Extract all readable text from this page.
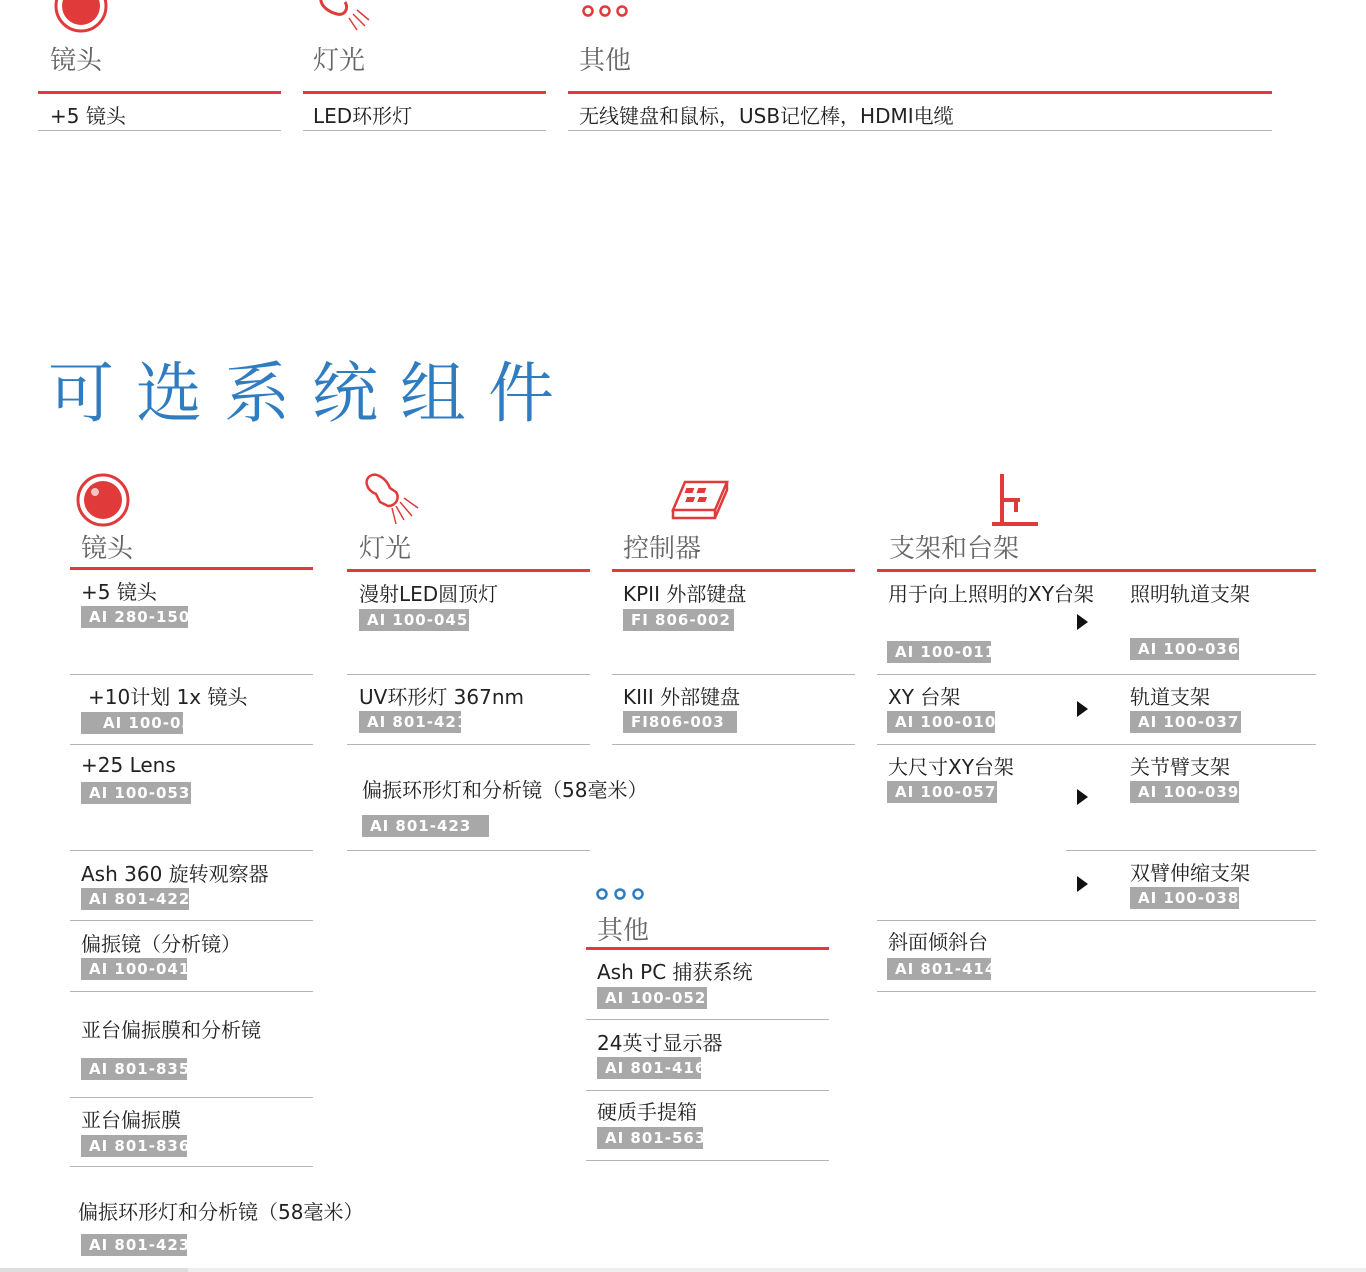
镜头
+5 镜头
灯光
LED环形灯
其他
无线键盘和鼠标，USB记忆棒，HDMI电缆
可选系统组件
镜头
+5 镜头
AI 280-150
+10计划 1x 镜头
AI 100-05
+25 Lens
AI 100-053
Ash 360 旋转观察器
AI 801-422
偏振镜（分析镜）
AI 100-041
亚台偏振膜和分析镜
AI 801-835
亚台偏振膜
AI 801-836
偏振环形灯和分析镜（58毫米）
AI 801-423
灯光
漫射LED圆顶灯
AI 100-045
UV环形灯 367nm
AI 801-421
偏振环形灯和分析镜（58毫米）
AI 801-423
控制器
KPII 外部键盘
FI 806-002
KIII 外部键盘
FI806-003
其他
Ash PC 捕获系统
AI 100-052
24英寸显示器
AI 801-416
硬质手提箱
AI 801-563
支架和台架
用于向上照明的XY台架
AI 100-011
XY 台架
AI 100-010
大尺寸XY台架
AI 100-057
斜面倾斜台
AI 801-414
照明轨道支架
AI 100-036
轨道支架
AI 100-037
关节臂支架
AI 100-039
双臂伸缩支架
AI 100-038
